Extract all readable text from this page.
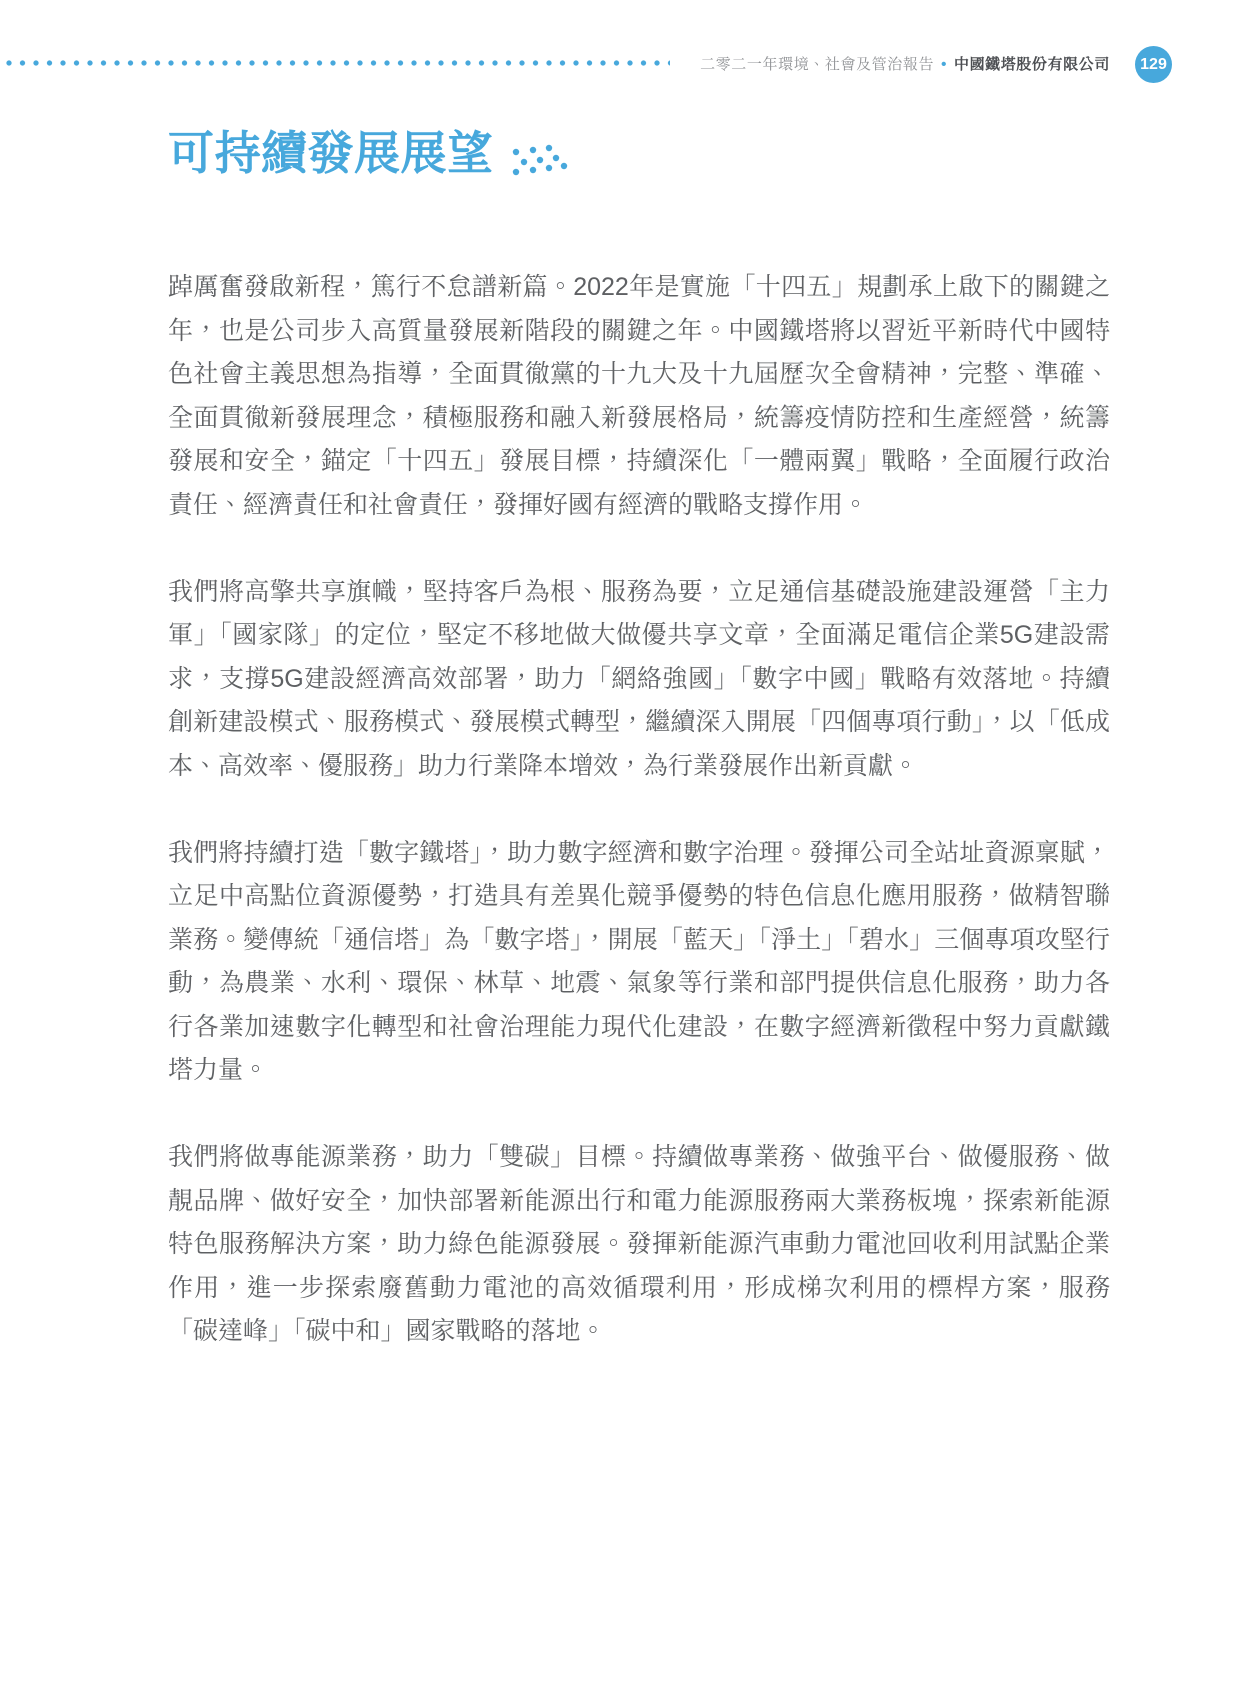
二零二一年環境、社會及管治報告 • 中國鐵塔股份有限公司	129
可持續發展展望

踔厲奮發啟新程，篤行不怠譜新篇。2022年是實施「十四五」規劃承上啟下的關鍵之年，也是公司步入高質量發展新階段的關鍵之年。中國鐵塔將以習近平新時代中國特色社會主義思想為指導，全面貫徹黨的十九大及十九屆歷次全會精神，完整、準確、全面貫徹新發展理念，積極服務和融入新發展格局，統籌疫情防控和生產經營，統籌發展和安全，錨定「十四五」發展目標，持續深化「一體兩翼」戰略，全面履行政治責任、經濟責任和社會責任，發揮好國有經濟的戰略支撐作用。

我們將高擎共享旗幟，堅持客戶為根、服務為要，立足通信基礎設施建設運營「主力軍」「國家隊」的定位，堅定不移地做大做優共享文章，全面滿足電信企業5G建設需求，支撐5G建設經濟高效部署，助力「網絡強國」「數字中國」戰略有效落地。持續創新建設模式、服務模式、發展模式轉型，繼續深入開展「四個專項行動」，以「低成本、高效率、優服務」助力行業降本增效，為行業發展作出新貢獻。

我們將持續打造「數字鐵塔」，助力數字經濟和數字治理。發揮公司全站址資源稟賦，立足中高點位資源優勢，打造具有差異化競爭優勢的特色信息化應用服務，做精智聯業務。變傳統「通信塔」為「數字塔」，開展「藍天」「淨土」「碧水」三個專項攻堅行動，為農業、水利、環保、林草、地震、氣象等行業和部門提供信息化服務，助力各行各業加速數字化轉型和社會治理能力現代化建設，在數字經濟新徵程中努力貢獻鐵塔力量。

我們將做專能源業務，助力「雙碳」目標。持續做專業務、做強平台、做優服務、做靚品牌、做好安全，加快部署新能源出行和電力能源服務兩大業務板塊，探索新能源特色服務解決方案，助力綠色能源發展。發揮新能源汽車動力電池回收利用試點企業作用，進一步探索廢舊動力電池的高效循環利用，形成梯次利用的標桿方案，服務「碳達峰」「碳中和」國家戰略的落地。
